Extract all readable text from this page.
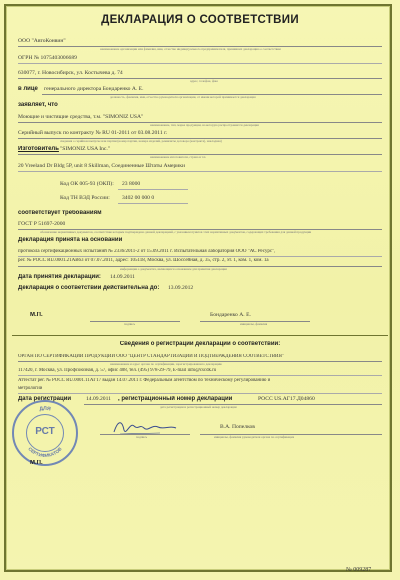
ДЕКЛАРАЦИЯ О СООТВЕТСТВИИ
ООО "АвтоКонвин"
наименование организации или фамилия, имя, отчество индивидуального предпринимателя, принявших декларацию о соответствии
ОГРН № 1075403006689
630077, г. Новосибирск, ул. Костычева д. 74
адрес, телефон, факс
в лице генерального директора Бондаренко А. Е.
должность, фамилия, имя, отчество руководителя организации, от имени которой принимается декларация
заявляет, что
Моющие и чистящие средства, т.м. "SIMONIZ USA"
наименование, тип, марка продукции, на которую распространяется декларация
Серийный выпуск по контракту № RU 01-2011 от 03.08.2011 г.
сведения о серийном выпуске или партии (номер партии, номера изделий, реквизиты договора (контракта), накладная)
Изготовитель "SIMONIZ USA Inc."
наименование изготовителя, страна и т.п.
20 Vreeland Dr Bldg 5P, unit 8 Skillman, Соединенные Штаты Америки
Код ОК 005-93 (ОКП): 23 8000
Код ТН ВЭД России: 3402 00 000 0
соответствует требованиям
ГОСТ Р 51697-2000
обозначение нормативных документов, соответствие которым подтверждено данной декларацией, с указанием пунктов этих нормативных документов, содержащих требования для данной продукции
Декларация принята на основании
протокола сертификационных испытаний № 2336/2011-2 от 15.09.2011 г. Испытательная лаборатория ООО "АС Ресурс",
рег. № РОСС RU.0001.21АВ63 от 07.07.2011, адрес: 105118, Москва, ул. Шоссейная, д. 35, стр. 2, эт. 1, ком. 1, ком. 1а
информация о документах, являющихся основанием для принятия декларации
Дата принятия декларации: 14.09.2011
Декларация о соответствии действительна до: 13.09.2012
М.П.
подпись
Бондаренко А. Е.
инициалы, фамилия
Сведения о регистрации декларации о соответствии:
ОРГАН ПО СЕРТИФИКАЦИИ ПРОДУКЦИИ ООО "ЦЕНТР СТАНДАРТИЗАЦИИ И ПОДТВЕРЖДЕНИЯ СООТВЕТСТВИЯ"
наименование и адрес органа по сертификации, зарегистрировавшего декларацию
117420, г. Москва, ул. Профсоюзная, д. 57, офис 408, тел. (495) 978-29-79, E-mail info@cscdk.ru
Аттестат рег. № РОСС RU.0001.11АГ17 выдан 14.07.2011 г. Федеральным агентством по техническому регулированию и
метрологии
Дата регистрации	14.09.2011 , регистрационный номер декларации	РОСС US.АГ17.Д04860
дата регистрации и регистрационный номер декларации
ДЛЯ
СЕРТИФИКАТОВ
РСТ	В.А. Попелков
подпись	инициалы, фамилия руководителя органа по сертификации
М.П.
№ 009287
